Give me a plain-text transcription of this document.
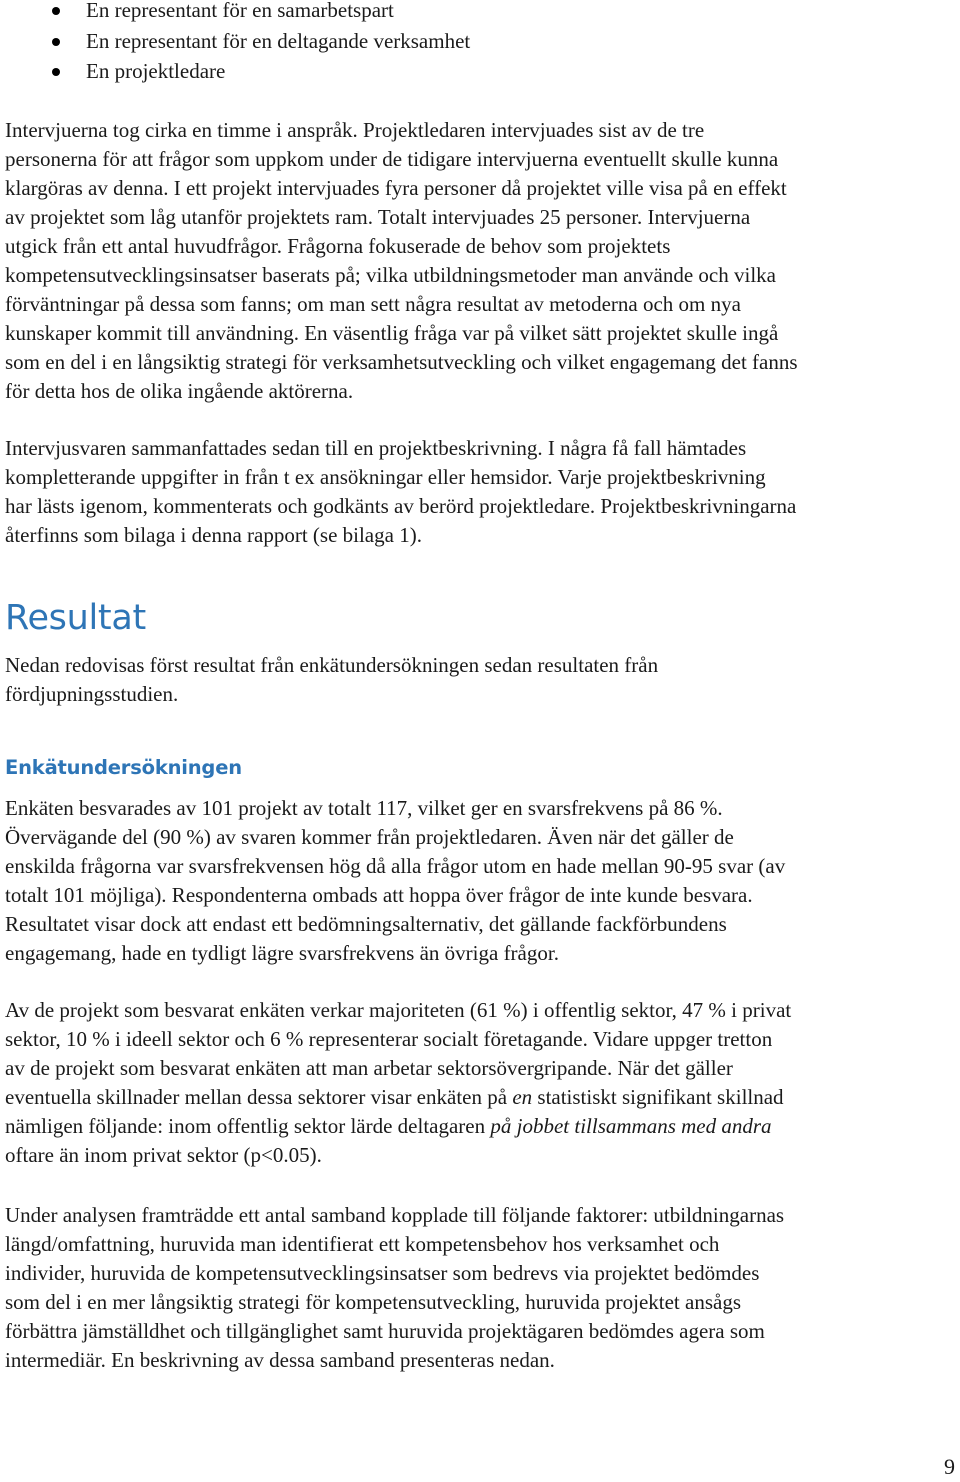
En representant för en samarbetspart
En representant för en deltagande verksamhet
En projektledare

Intervjuerna tog cirka en timme i anspråk. Projektledaren intervjuades sist av de tre
personerna för att frågor som uppkom under de tidigare intervjuerna eventuellt skulle kunna
klargöras av denna. I ett projekt intervjuades fyra personer då projektet ville visa på en effekt
av projektet som låg utanför projektets ram. Totalt intervjuades 25 personer. Intervjuerna
utgick från ett antal huvudfrågor. Frågorna fokuserade de behov som projektets
kompetensutvecklingsinsatser baserats på; vilka utbildningsmetoder man använde och vilka
förväntningar på dessa som fanns; om man sett några resultat av metoderna och om nya
kunskaper kommit till användning. En väsentlig fråga var på vilket sätt projektet skulle ingå
som en del i en långsiktig strategi för verksamhetsutveckling och vilket engagemang det fanns
för detta hos de olika ingående aktörerna.

Intervjusvaren sammanfattades sedan till en projektbeskrivning. I några få fall hämtades
kompletterande uppgifter in från t ex ansökningar eller hemsidor. Varje projektbeskrivning
har lästs igenom, kommenterats och godkänts av berörd projektledare. Projektbeskrivningarna
återfinns som bilaga i denna rapport (se bilaga 1).

Resultat

Nedan redovisas först resultat från enkätundersökningen sedan resultaten från
fördjupningsstudien.

Enkätundersökningen

Enkäten besvarades av 101 projekt av totalt 117, vilket ger en svarsfrekvens på 86 %.
Övervägande del (90 %) av svaren kommer från projektledaren. Även när det gäller de
enskilda frågorna var svarsfrekvensen hög då alla frågor utom en hade mellan 90-95 svar (av
totalt 101 möjliga). Respondenterna ombads att hoppa över frågor de inte kunde besvara.
Resultatet visar dock att endast ett bedömningsalternativ, det gällande fackförbundens
engagemang, hade en tydligt lägre svarsfrekvens än övriga frågor.

Av de projekt som besvarat enkäten verkar majoriteten (61 %) i offentlig sektor, 47 % i privat
sektor, 10 % i ideell sektor och 6 % representerar socialt företagande. Vidare uppger tretton
av de projekt som besvarat enkäten att man arbetar sektorsövergripande. När det gäller
eventuella skillnader mellan dessa sektorer visar enkäten på en statistiskt signifikant skillnad
nämligen följande: inom offentlig sektor lärde deltagaren på jobbet tillsammans med andra
oftare än inom privat sektor (p<0.05).

Under analysen framträdde ett antal samband kopplade till följande faktorer: utbildningarnas
längd/omfattning, huruvida man identifierat ett kompetensbehov hos verksamhet och
individer, huruvida de kompetensutvecklingsinsatser som bedrevs via projektet bedömdes
som del i en mer långsiktig strategi för kompetensutveckling, huruvida projektet ansågs
förbättra jämställdhet och tillgänglighet samt huruvida projektägaren bedömdes agera som
intermediär. En beskrivning av dessa samband presenteras nedan.

9
